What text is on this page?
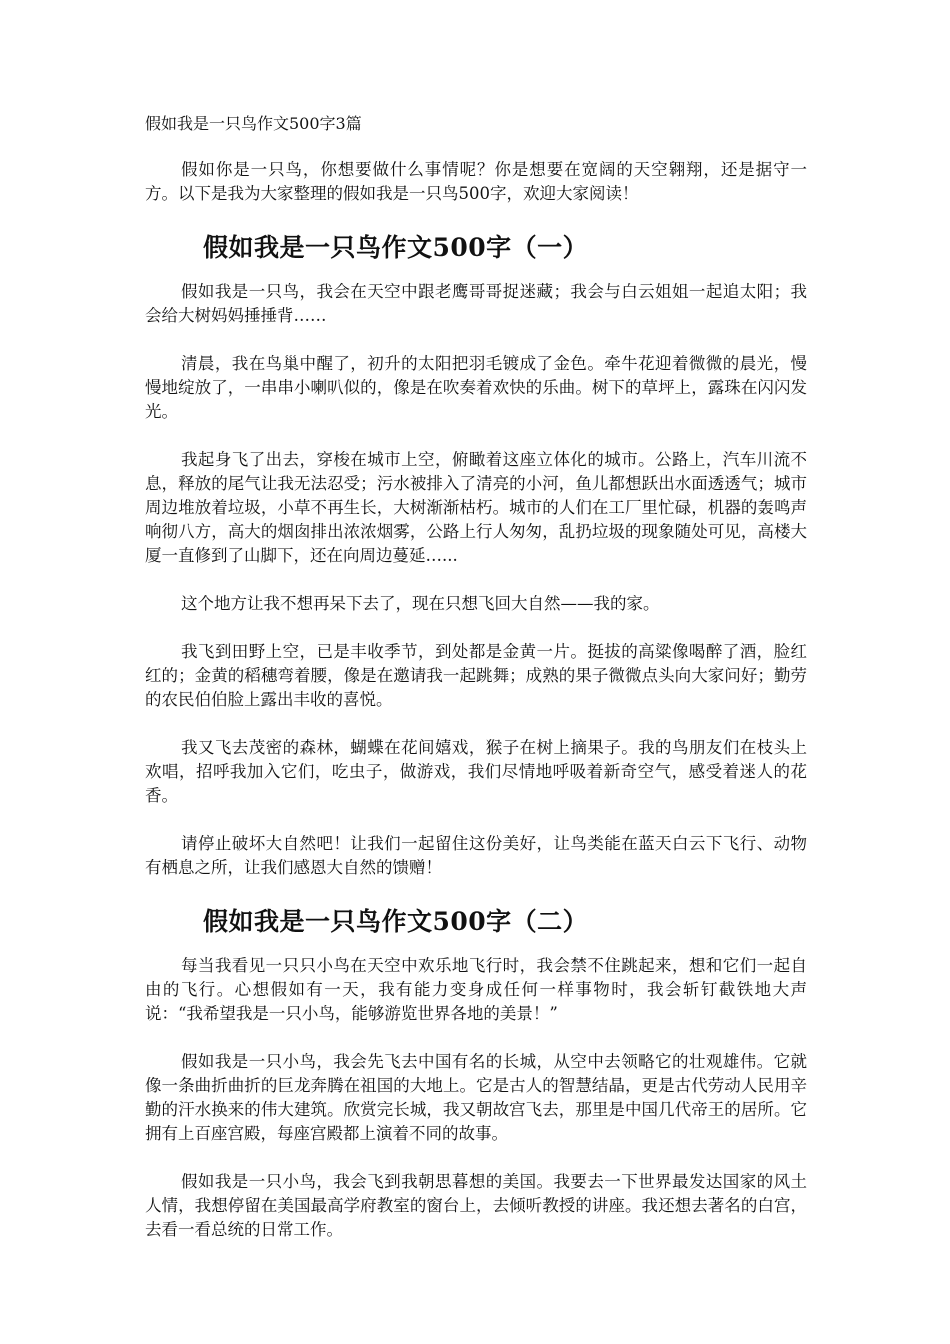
假如我是一只鸟作文500字3篇

假如你是一只鸟，你想要做什么事情呢？你是想要在宽阔的天空翱翔，还是据守一方。以下是我为大家整理的假如我是一只鸟500字，欢迎大家阅读！

假如我是一只鸟作文500字（一）

假如我是一只鸟，我会在天空中跟老鹰哥哥捉迷藏；我会与白云姐姐一起追太阳；我会给大树妈妈捶捶背……

清晨，我在鸟巢中醒了，初升的太阳把羽毛镀成了金色。牵牛花迎着微微的晨光，慢慢地绽放了，一串串小喇叭似的，像是在吹奏着欢快的乐曲。树下的草坪上，露珠在闪闪发光。

我起身飞了出去，穿梭在城市上空，俯瞰着这座立体化的城市。公路上，汽车川流不息，释放的尾气让我无法忍受；污水被排入了清亮的小河，鱼儿都想跃出水面透透气；城市周边堆放着垃圾，小草不再生长，大树渐渐枯朽。城市的人们在工厂里忙碌，机器的轰鸣声响彻八方，高大的烟囱排出浓浓烟雾，公路上行人匆匆，乱扔垃圾的现象随处可见，高楼大厦一直修到了山脚下，还在向周边蔓延…...

这个地方让我不想再呆下去了，现在只想飞回大自然——我的家。

我飞到田野上空，已是丰收季节，到处都是金黄一片。挺拔的高粱像喝醉了酒，脸红红的；金黄的稻穗弯着腰，像是在邀请我一起跳舞；成熟的果子微微点头向大家问好；勤劳的农民伯伯脸上露出丰收的喜悦。

我又飞去茂密的森林，蝴蝶在花间嬉戏，猴子在树上摘果子。我的鸟朋友们在枝头上欢唱，招呼我加入它们，吃虫子，做游戏，我们尽情地呼吸着新奇空气，感受着迷人的花香。

请停止破坏大自然吧！让我们一起留住这份美好，让鸟类能在蓝天白云下飞行、动物有栖息之所，让我们感恩大自然的馈赠！

假如我是一只鸟作文500字（二）

每当我看见一只只小鸟在天空中欢乐地飞行时，我会禁不住跳起来，想和它们一起自由的飞行。心想假如有一天，我有能力变身成任何一样事物时，我会斩钉截铁地大声说：“我希望我是一只小鸟，能够游览世界各地的美景！”

假如我是一只小鸟，我会先飞去中国有名的长城，从空中去领略它的壮观雄伟。它就像一条曲折曲折的巨龙奔腾在祖国的大地上。它是古人的智慧结晶，更是古代劳动人民用辛勤的汗水换来的伟大建筑。欣赏完长城，我又朝故宫飞去，那里是中国几代帝王的居所。它拥有上百座宫殿，每座宫殿都上演着不同的故事。

假如我是一只小鸟，我会飞到我朝思暮想的美国。我要去一下世界最发达国家的风土人情，我想停留在美国最高学府教室的窗台上，去倾听教授的讲座。我还想去著名的白宫，去看一看总统的日常工作。
